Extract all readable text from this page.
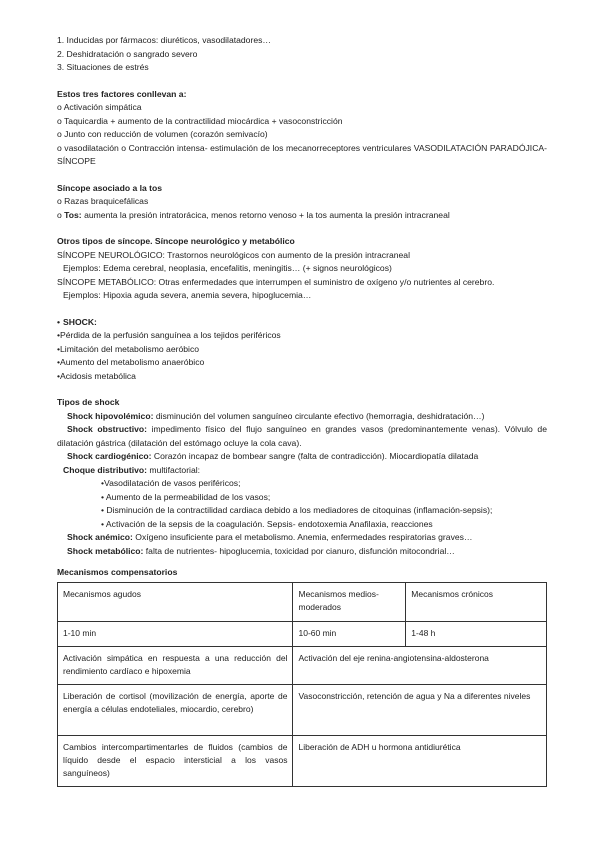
1. Inducidas por fármacos: diuréticos, vasodilatadores…
2. Deshidratación o sangrado severo
3. Situaciones de estrés
Estos tres factores conllevan a:
o Activación simpática
o Taquicardia + aumento de la contractilidad miocárdica + vasoconstricción
o Junto con reducción de volumen (corazón semivacío)
o vasodilatación o Contracción intensa- estimulación de los mecanorreceptores ventriculares VASODILATACIÓN PARADÓJICA- SÍNCOPE
Síncope asociado a la tos
o Razas braquicefálicas
o Tos: aumenta la presión intratorácica, menos retorno venoso + la tos aumenta la presión intracraneal
Otros tipos de síncope. Síncope neurológico y metabólico
SÍNCOPE NEUROLÓGICO: Trastornos neurológicos con aumento de la presión intracraneal
Ejemplos: Edema cerebral, neoplasia, encefalitis, meningitis… (+ signos neurológicos)
SÍNCOPE METABÓLICO: Otras enfermedades que interrumpen el suministro de oxígeno y/o nutrientes al cerebro.
Ejemplos: Hipoxia aguda severa, anemia severa, hipoglucemia…
• SHOCK:
•Pérdida de la perfusión sanguínea a los tejidos periféricos
•Limitación del metabolismo aeróbico
•Aumento del metabolismo anaeróbico
•Acidosis metabólica
Tipos de shock
Shock hipovolémico: disminución del volumen sanguíneo circulante efectivo (hemorragia, deshidratación…)
Shock obstructivo: impedimento físico del flujo sanguíneo en grandes vasos (predominantemente venas). Vólvulo de dilatación gástrica (dilatación del estómago ocluye la cola cava).
Shock cardiogénico: Corazón incapaz de bombear sangre (falta de contradicción). Miocardiopatía dilatada
Choque distributivo: multifactorial:
•Vasodilatación de vasos periféricos;
• Aumento de la permeabilidad de los vasos;
• Disminución de la contractilidad cardiaca debido a los mediadores de citoquinas (inflamación-sepsis);
• Activación de la sepsis de la coagulación. Sepsis- endotoxemia Anafilaxia, reacciones
Shock anémico: Oxígeno insuficiente para el metabolismo. Anemia, enfermedades respiratorias graves…
Shock metabólico: falta de nutrientes- hipoglucemia, toxicidad por cianuro, disfunción mitocondrial…
Mecanismos compensatorios
Mecanismos agudos	Mecanismos medios-moderados	Mecanismos crónicos
1-10 min	10-60 min	1-48 h
Activación simpática en respuesta a una reducción del rendimiento cardíaco e hipoxemia	Activación del eje renina-angiotensina-aldosterona	
Liberación de cortisol (movilización de energía, aporte de energía a células endoteliales, miocardio, cerebro)	Vasoconstricción, retención de agua y Na a diferentes niveles	
Cambios intercompartimentarles de fluidos (cambios de líquido desde el espacio intersticial a los vasos sanguíneos)	Liberación de ADH u hormona antidiurética	
